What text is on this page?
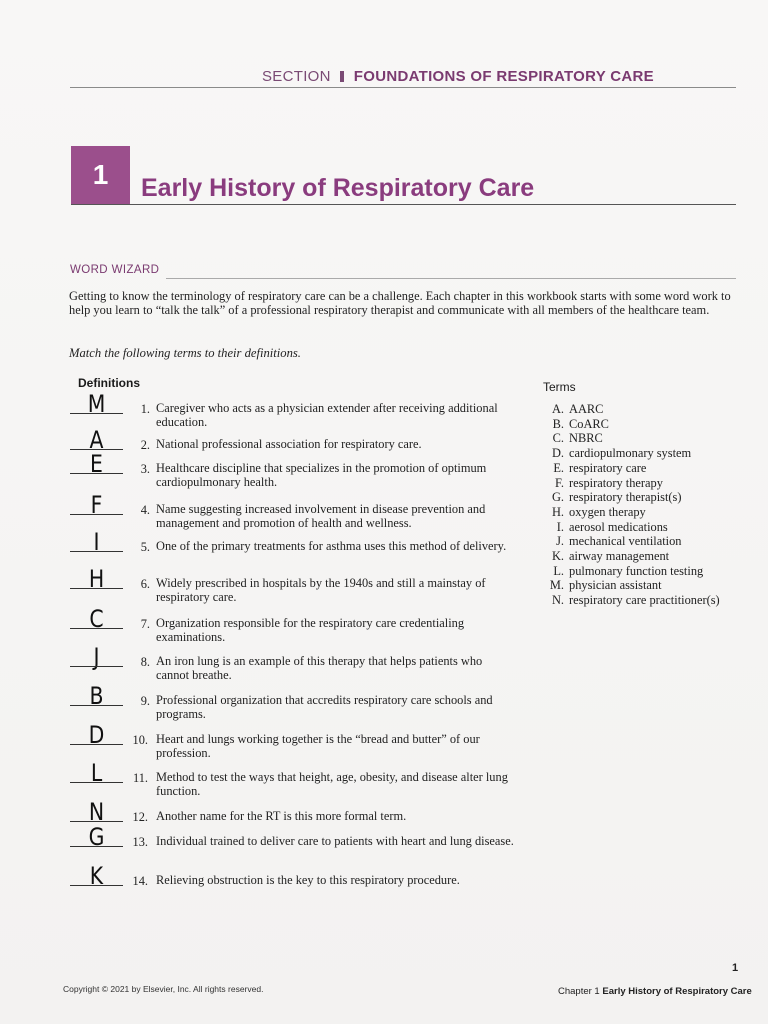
SECTION FOUNDATIONS OF RESPIRATORY CARE
1	Early History of Respiratory Care
WORD WIZARD
Getting to know the terminology of respiratory care can be a challenge. Each chapter in this workbook starts with some word work to help you learn to “talk the talk” of a professional respiratory therapist and communicate with all members of the healthcare team.
Match the following terms to their definitions.
Definitions	Terms
M	1. Caregiver who acts as a physician extender after receiving additional education.
A	2. National professional association for respiratory care.
E	3. Healthcare discipline that specializes in the promotion of optimum cardiopulmonary health.
F	4. Name suggesting increased involvement in disease prevention and management and promotion of health and wellness.
I	5. One of the primary treatments for asthma uses this method of delivery.
H	6. Widely prescribed in hospitals by the 1940s and still a mainstay of respiratory care.
C	7. Organization responsible for the respiratory care credentialing examinations.
J	8. An iron lung is an example of this therapy that helps patients who cannot breathe.
B	9. Professional organization that accredits respiratory care schools and programs.
D	10. Heart and lungs working together is the “bread and butter” of our profession.
L	11. Method to test the ways that height, age, obesity, and disease alter lung function.
N	12. Another name for the RT is this more formal term.
G	13. Individual trained to deliver care to patients with heart and lung disease.
K	14. Relieving obstruction is the key to this respiratory procedure.
A. AARC
B. CoARC
C. NBRC
D. cardiopulmonary system
E. respiratory care
F. respiratory therapy
G. respiratory therapist(s)
H. oxygen therapy
I. aerosol medications
J. mechanical ventilation
K. airway management
L. pulmonary function testing
M. physician assistant
N. respiratory care practitioner(s)
1
Copyright © 2021 by Elsevier, Inc. All rights reserved.	Chapter 1 Early History of Respiratory Care
